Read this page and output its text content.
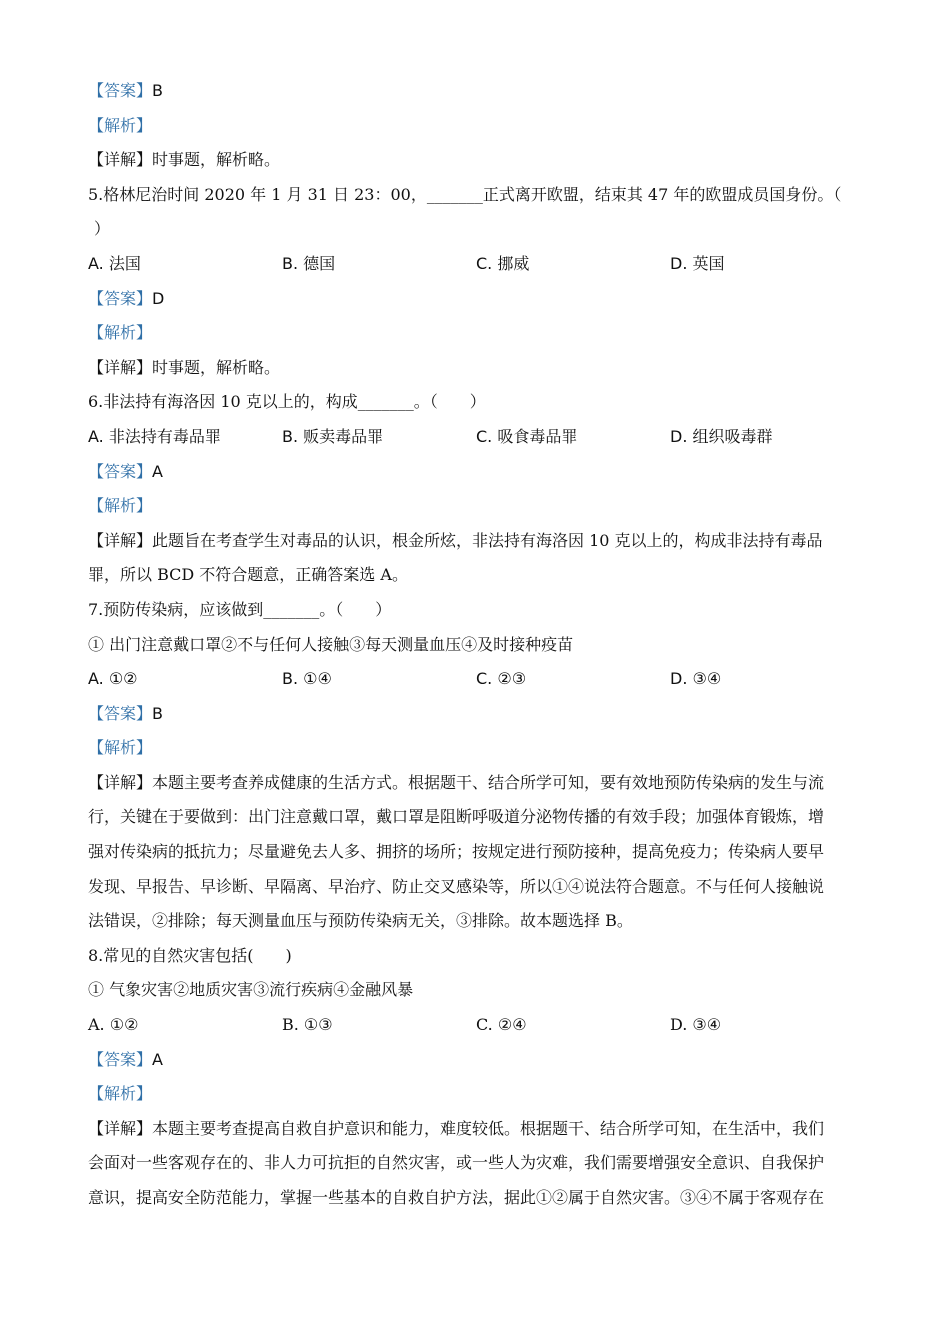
【答案】B
【解析】
【详解】时事题，解析略。
5.格林尼治时间 2020 年 1 月 31 日 23：00，_______正式离开欧盟，结束其 47 年的欧盟成员国身份。（
）
A. 法国	B. 德国	C. 挪威	D. 英国
【答案】D
【解析】
【详解】时事题，解析略。
6.非法持有海洛因 10 克以上的，构成_______。（　　）
A. 非法持有毒品罪	B. 贩卖毒品罪	C. 吸食毒品罪	D. 组织吸毒群
【答案】A
【解析】
【详解】此题旨在考查学生对毒品的认识，根金所炫，非法持有海洛因 10 克以上的，构成非法持有毒品
罪，所以 BCD 不符合题意，正确答案选 A。
7.预防传染病，应该做到_______。（　　）
① 出门注意戴口罩②不与任何人接触③每天测量血压④及时接种疫苗
A. ①②	B. ①④	C. ②③	D. ③④
【答案】B
【解析】
【详解】本题主要考查养成健康的生活方式。根据题干、结合所学可知，要有效地预防传染病的发生与流
行，关键在于要做到：出门注意戴口罩，戴口罩是阻断呼吸道分泌物传播的有效手段；加强体育锻炼，增
强对传染病的抵抗力；尽量避免去人多、拥挤的场所；按规定进行预防接种，提高免疫力；传染病人要早
发现、早报告、早诊断、早隔离、早治疗、防止交叉感染等，所以①④说法符合题意。不与任何人接触说
法错误，②排除；每天测量血压与预防传染病无关，③排除。故本题选择 B。
8.常见的自然灾害包括(　　)
① 气象灾害②地质灾害③流行疾病④金融风暴
A. ①②	B. ①③	C. ②④	D. ③④
【答案】A
【解析】
【详解】本题主要考查提高自救自护意识和能力，难度较低。根据题干、结合所学可知，在生活中，我们
会面对一些客观存在的、非人力可抗拒的自然灾害，或一些人为灾难，我们需要增强安全意识、自我保护
意识，提高安全防范能力，掌握一些基本的自救自护方法，据此①②属于自然灾害。③④不属于客观存在
